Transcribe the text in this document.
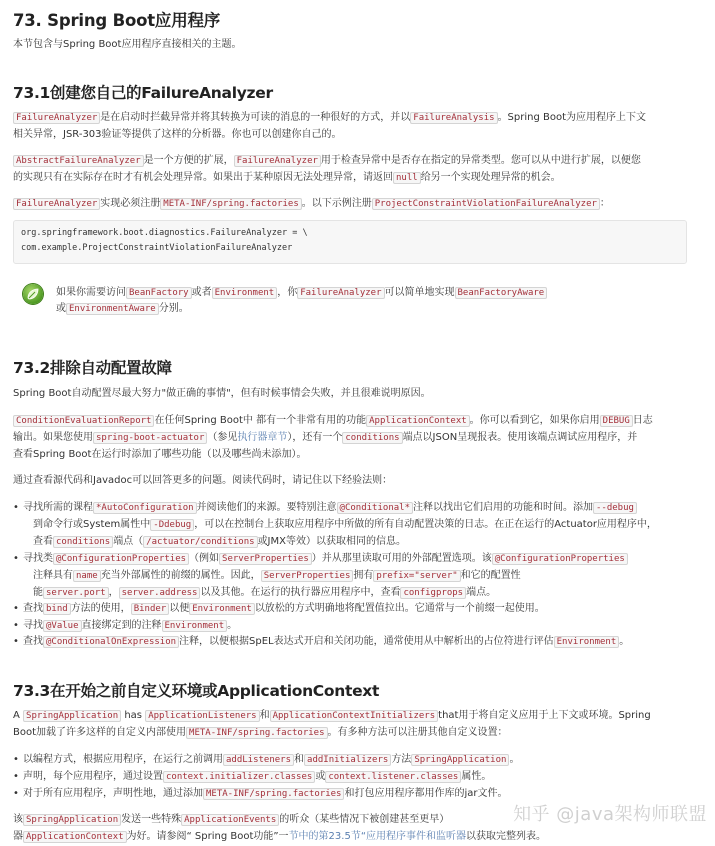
73. Spring Boot应用程序
本节包含与Spring Boot应用程序直接相关的主题。
73.1创建您自己的FailureAnalyzer
FailureAnalyzer 是在启动时拦截异常并将其转换为可读的消息的一种很好的方式，并以 FailureAnalysis 。Spring Boot为应用程序上下文
相关异常，JSR-303验证等提供了这样的分析器。你也可以创建你自己的。
AbstractFailureAnalyzer 是一个方便的扩展， FailureAnalyzer 用于检查异常中是否存在指定的异常类型。您可以从中进行扩展，以便您
的实现只有在实际存在时才有机会处理异常。如果出于某种原因无法处理异常，请返回 null 给另一个实现处理异常的机会。
FailureAnalyzer 实现必须注册 META-INF/spring.factories 。以下示例注册 ProjectConstraintViolationFailureAnalyzer ：
org.springframework.boot.diagnostics.FailureAnalyzer = \
com.example.ProjectConstraintViolationFailureAnalyzer
如果你需要访问 BeanFactory 或者 Environment ，你 FailureAnalyzer 可以简单地实现 BeanFactoryAware
或 EnvironmentAware 分别。
73.2排除自动配置故障
Spring Boot自动配置尽最大努力"做正确的事情"，但有时候事情会失败，并且很难说明原因。
ConditionEvaluationReport 在任何Spring Boot中 都有一个非常有用的功能 ApplicationContext 。你可以看到它，如果你启用 DEBUG 日志
输出。如果您使用 spring-boot-actuator （参见执行器章节），还有一个 conditions 端点以JSON呈现报表。使用该端点调试应用程序，并
查看Spring Boot在运行时添加了哪些功能（以及哪些尚未添加）。
通过查看源代码和Javadoc可以回答更多的问题。阅读代码时，请记住以下经验法则：
• 寻找所需的课程 *AutoConfiguration 并阅读他们的来源。要特别注意 @Conditional* 注释以找出它们启用的功能和时间。添加 --debug
到命令行或System属性中 -Ddebug ，可以在控制台上获取应用程序中所做的所有自动配置决策的日志。在正在运行的Actuator应用程序中，
查看 conditions 端点（ /actuator/conditions 或JMX等效）以获取相同的信息。
• 寻找类 @ConfigurationProperties （例如 ServerProperties ）并从那里读取可用的外部配置选项。该 @ConfigurationProperties
注释具有 name 充当外部属性的前缀的属性。因此， ServerProperties 拥有 prefix="server" 和它的配置性
能 server.port ， server.address 以及其他。在运行的执行器应用程序中，查看 configprops 端点。
• 查找 bind 方法的使用， Binder 以便 Environment 以放松的方式明确地将配置值拉出。它通常与一个前缀一起使用。
• 寻找 @Value 直接绑定到的注释 Environment 。
• 查找 @ConditionalOnExpression 注释，以便根据SpEL表达式开启和关闭功能，通常使用从中解析出的占位符进行评估 Environment 。
73.3在开始之前自定义环境或ApplicationContext
A SpringApplication has ApplicationListeners 和 ApplicationContextInitializers that用于将自定义应用于上下文或环境。Spring
Boot加载了许多这样的自定义内部使用 META-INF/spring.factories 。有多种方法可以注册其他自定义设置：
• 以编程方式，根据应用程序，在运行之前调用 addListeners 和 addInitializers 方法 SpringApplication 。
• 声明，每个应用程序，通过设置 context.initializer.classes 或 context.listener.classes 属性。
• 对于所有应用程序，声明性地，通过添加 META-INF/spring.factories 和打包应用程序都用作库的jar文件。
该 SpringApplication 发送一些特殊 ApplicationEvents 的听众（某些情况下被创建甚至更早）
器 ApplicationContext 为好。请参阅“ Spring Boot功能”一节中的第23.5节“应用程序事件和监听器以获取完整列表。
知乎 @java架构师联盟
